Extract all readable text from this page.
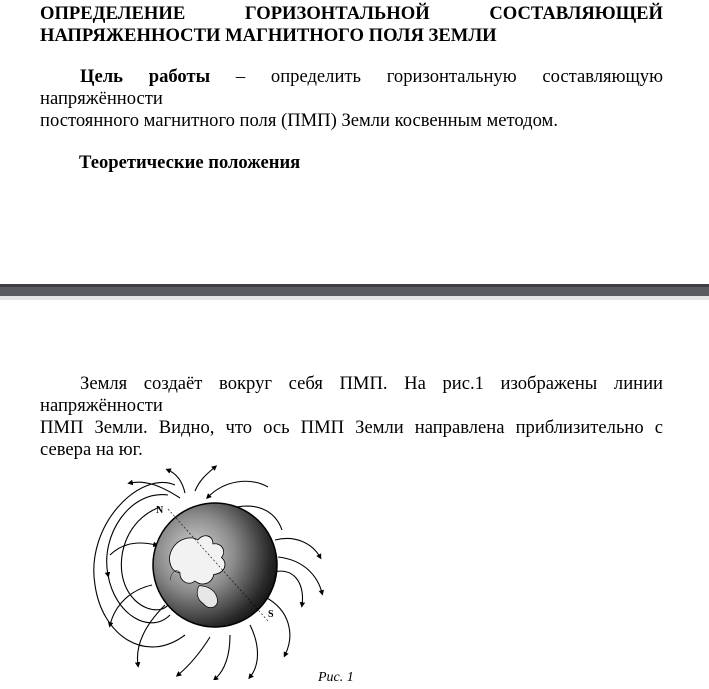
ОПРЕДЕЛЕНИЕ ГОРИЗОНТАЛЬНОЙ СОСТАВЛЯЮЩЕЙ
НАПРЯЖЕННОСТИ МАГНИТНОГО ПОЛЯ ЗЕМЛИ
Цель работы – определить горизонтальную составляющую
напряжённости
постоянного магнитного поля (ПМП) Земли косвенным методом.
Теоретические положения
Земля создаёт вокруг себя ПМП. На рис.1 изображены линии
напряжённости
ПМП Земли. Видно, что ось ПМП Земли направлена приблизительно с
севера на юг.
N
S
Рис. 1
